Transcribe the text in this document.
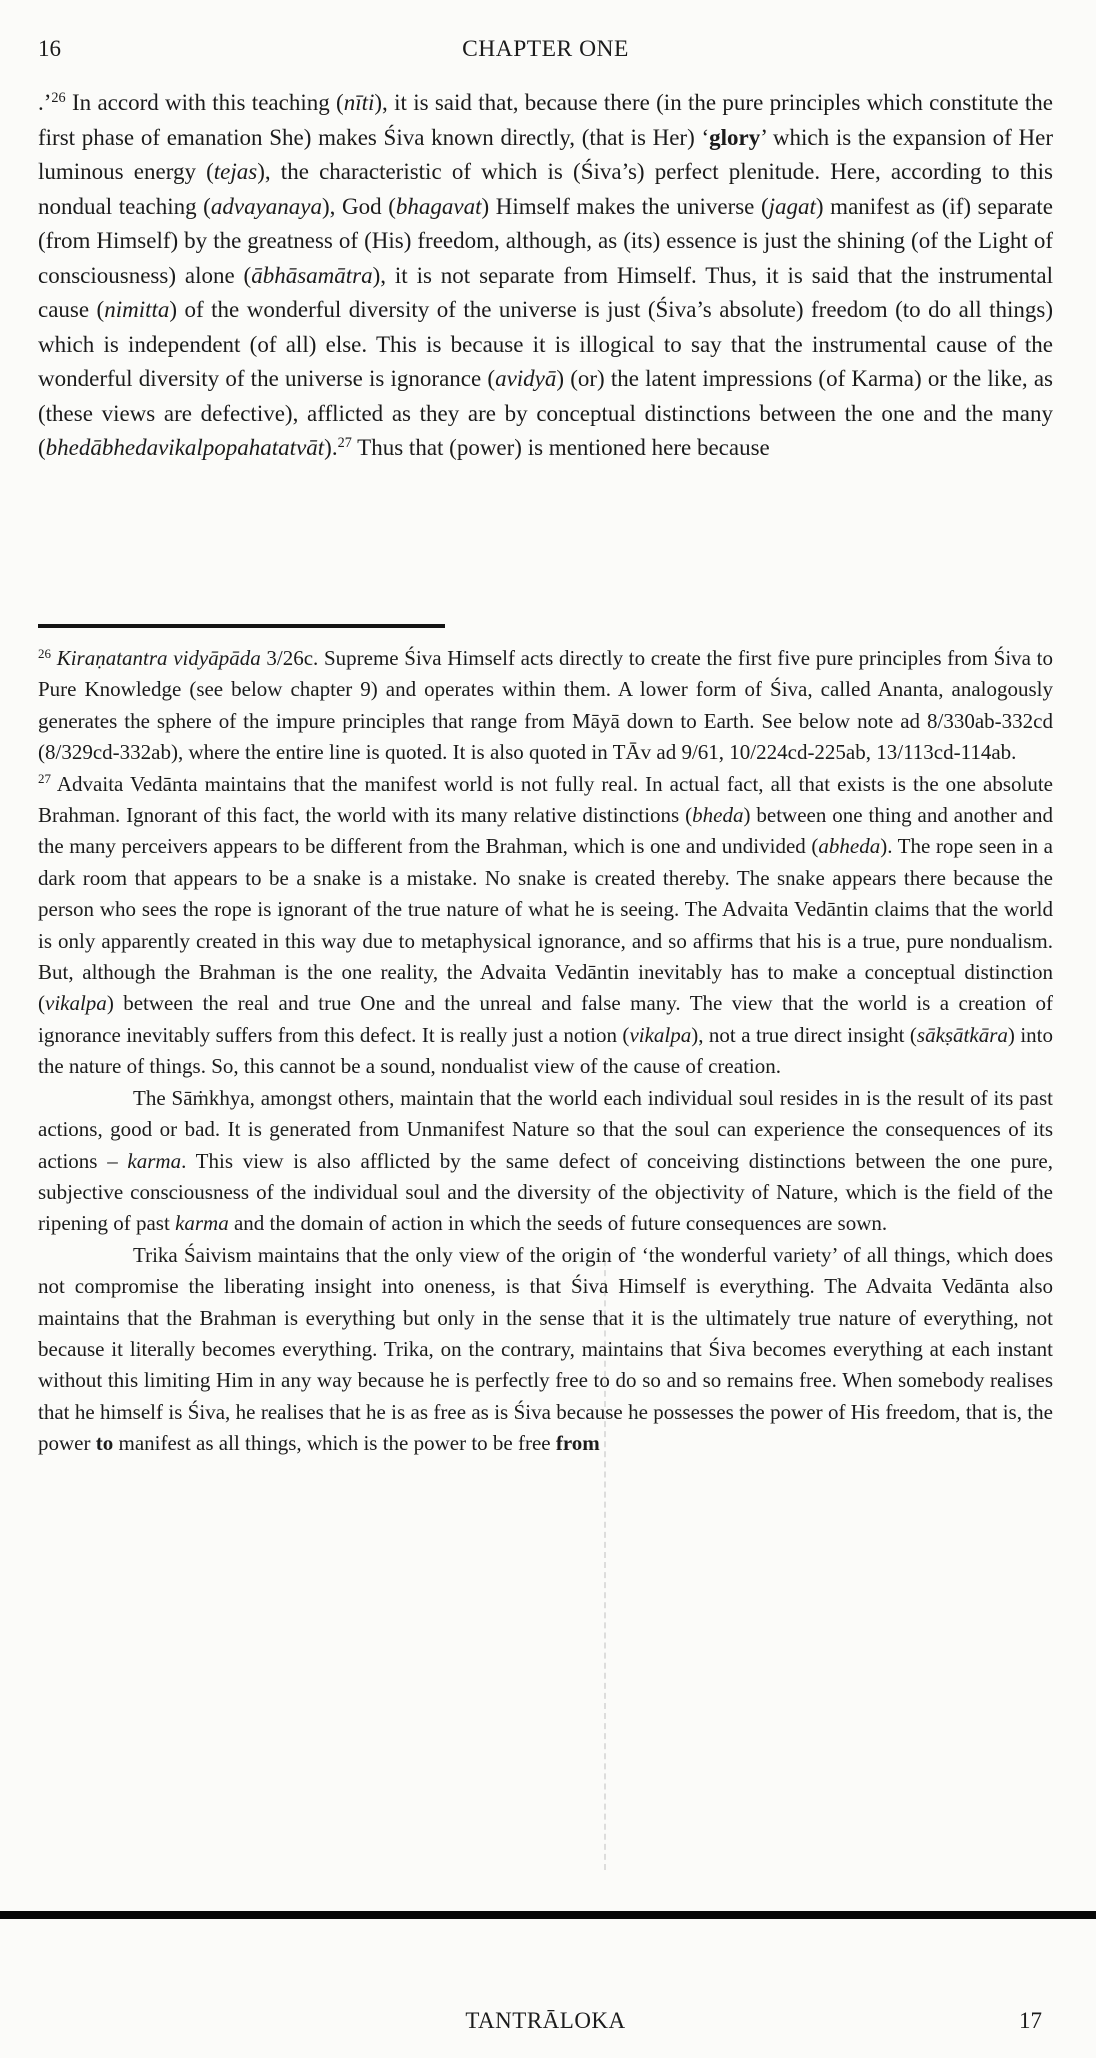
16	CHAPTER ONE
.’$^{26}$ In accord with this teaching (nīti), it is said that, because there (in the pure principles which constitute the first phase of emanation She) makes Śiva known directly, (that is Her) ‘glory’ which is the expansion of Her luminous energy (tejas), the characteristic of which is (Śiva’s) perfect plenitude. Here, according to this nondual teaching (advayanaya), God (bhagavat) Himself makes the universe (jagat) manifest as (if) separate (from Himself) by the greatness of (His) freedom, although, as (its) essence is just the shining (of the Light of consciousness) alone (ābhāsamātra), it is not separate from Himself. Thus, it is said that the instrumental cause (nimitta) of the wonderful diversity of the universe is just (Śiva’s absolute) freedom (to do all things) which is independent (of all) else. This is because it is illogical to say that the instrumental cause of the wonderful diversity of the universe is ignorance (avidyā) (or) the latent impressions (of Karma) or the like, as (these views are defective), afflicted as they are by conceptual distinctions between the one and the many (bhedābhedavikalpopahatatvāt).$^{27}$ Thus that (power) is mentioned here because

$^{26}$ Kiraṇatantra vidyāpāda 3/26c. Supreme Śiva Himself acts directly to create the first five pure principles from Śiva to Pure Knowledge (see below chapter 9) and operates within them. A lower form of Śiva, called Ananta, analogously generates the sphere of the impure principles that range from Māyā down to Earth. See below note ad 8/330ab-332cd (8/329cd-332ab), where the entire line is quoted. It is also quoted in TĀv ad 9/61, 10/224cd-225ab, 13/113cd-114ab.

$^{27}$ Advaita Vedānta maintains that the manifest world is not fully real. In actual fact, all that exists is the one absolute Brahman. Ignorant of this fact, the world with its many relative distinctions (bheda) between one thing and another and the many perceivers appears to be different from the Brahman, which is one and undivided (abheda). The rope seen in a dark room that appears to be a snake is a mistake. No snake is created thereby. The snake appears there because the person who sees the rope is ignorant of the true nature of what he is seeing. The Advaita Vedāntin claims that the world is only apparently created in this way due to metaphysical ignorance, and so affirms that his is a true, pure nondualism. But, although the Brahman is the one reality, the Advaita Vedāntin inevitably has to make a conceptual distinction (vikalpa) between the real and true One and the unreal and false many. The view that the world is a creation of ignorance inevitably suffers from this defect. It is really just a notion (vikalpa), not a true direct insight (sākṣātkāra) into the nature of things. So, this cannot be a sound, nondualist view of the cause of creation.

The Sāṁkhya, amongst others, maintain that the world each individual soul resides in is the result of its past actions, good or bad. It is generated from Unmanifest Nature so that the soul can experience the consequences of its actions – karma. This view is also afflicted by the same defect of conceiving distinctions between the one pure, subjective consciousness of the individual soul and the diversity of the objectivity of Nature, which is the field of the ripening of past karma and the domain of action in which the seeds of future consequences are sown.

Trika Śaivism maintains that the only view of the origin of ‘the wonderful variety’ of all things, which does not compromise the liberating insight into oneness, is that Śiva Himself is everything. The Advaita Vedānta also maintains that the Brahman is everything but only in the sense that it is the ultimately true nature of everything, not because it literally becomes everything. Trika, on the contrary, maintains that Śiva becomes everything at each instant without this limiting Him in any way because he is perfectly free to do so and so remains free. When somebody realises that he himself is Śiva, he realises that he is as free as is Śiva because he possesses the power of His freedom, that is, the power to manifest as all things, which is the power to be free from

TANTRĀLOKA	17
